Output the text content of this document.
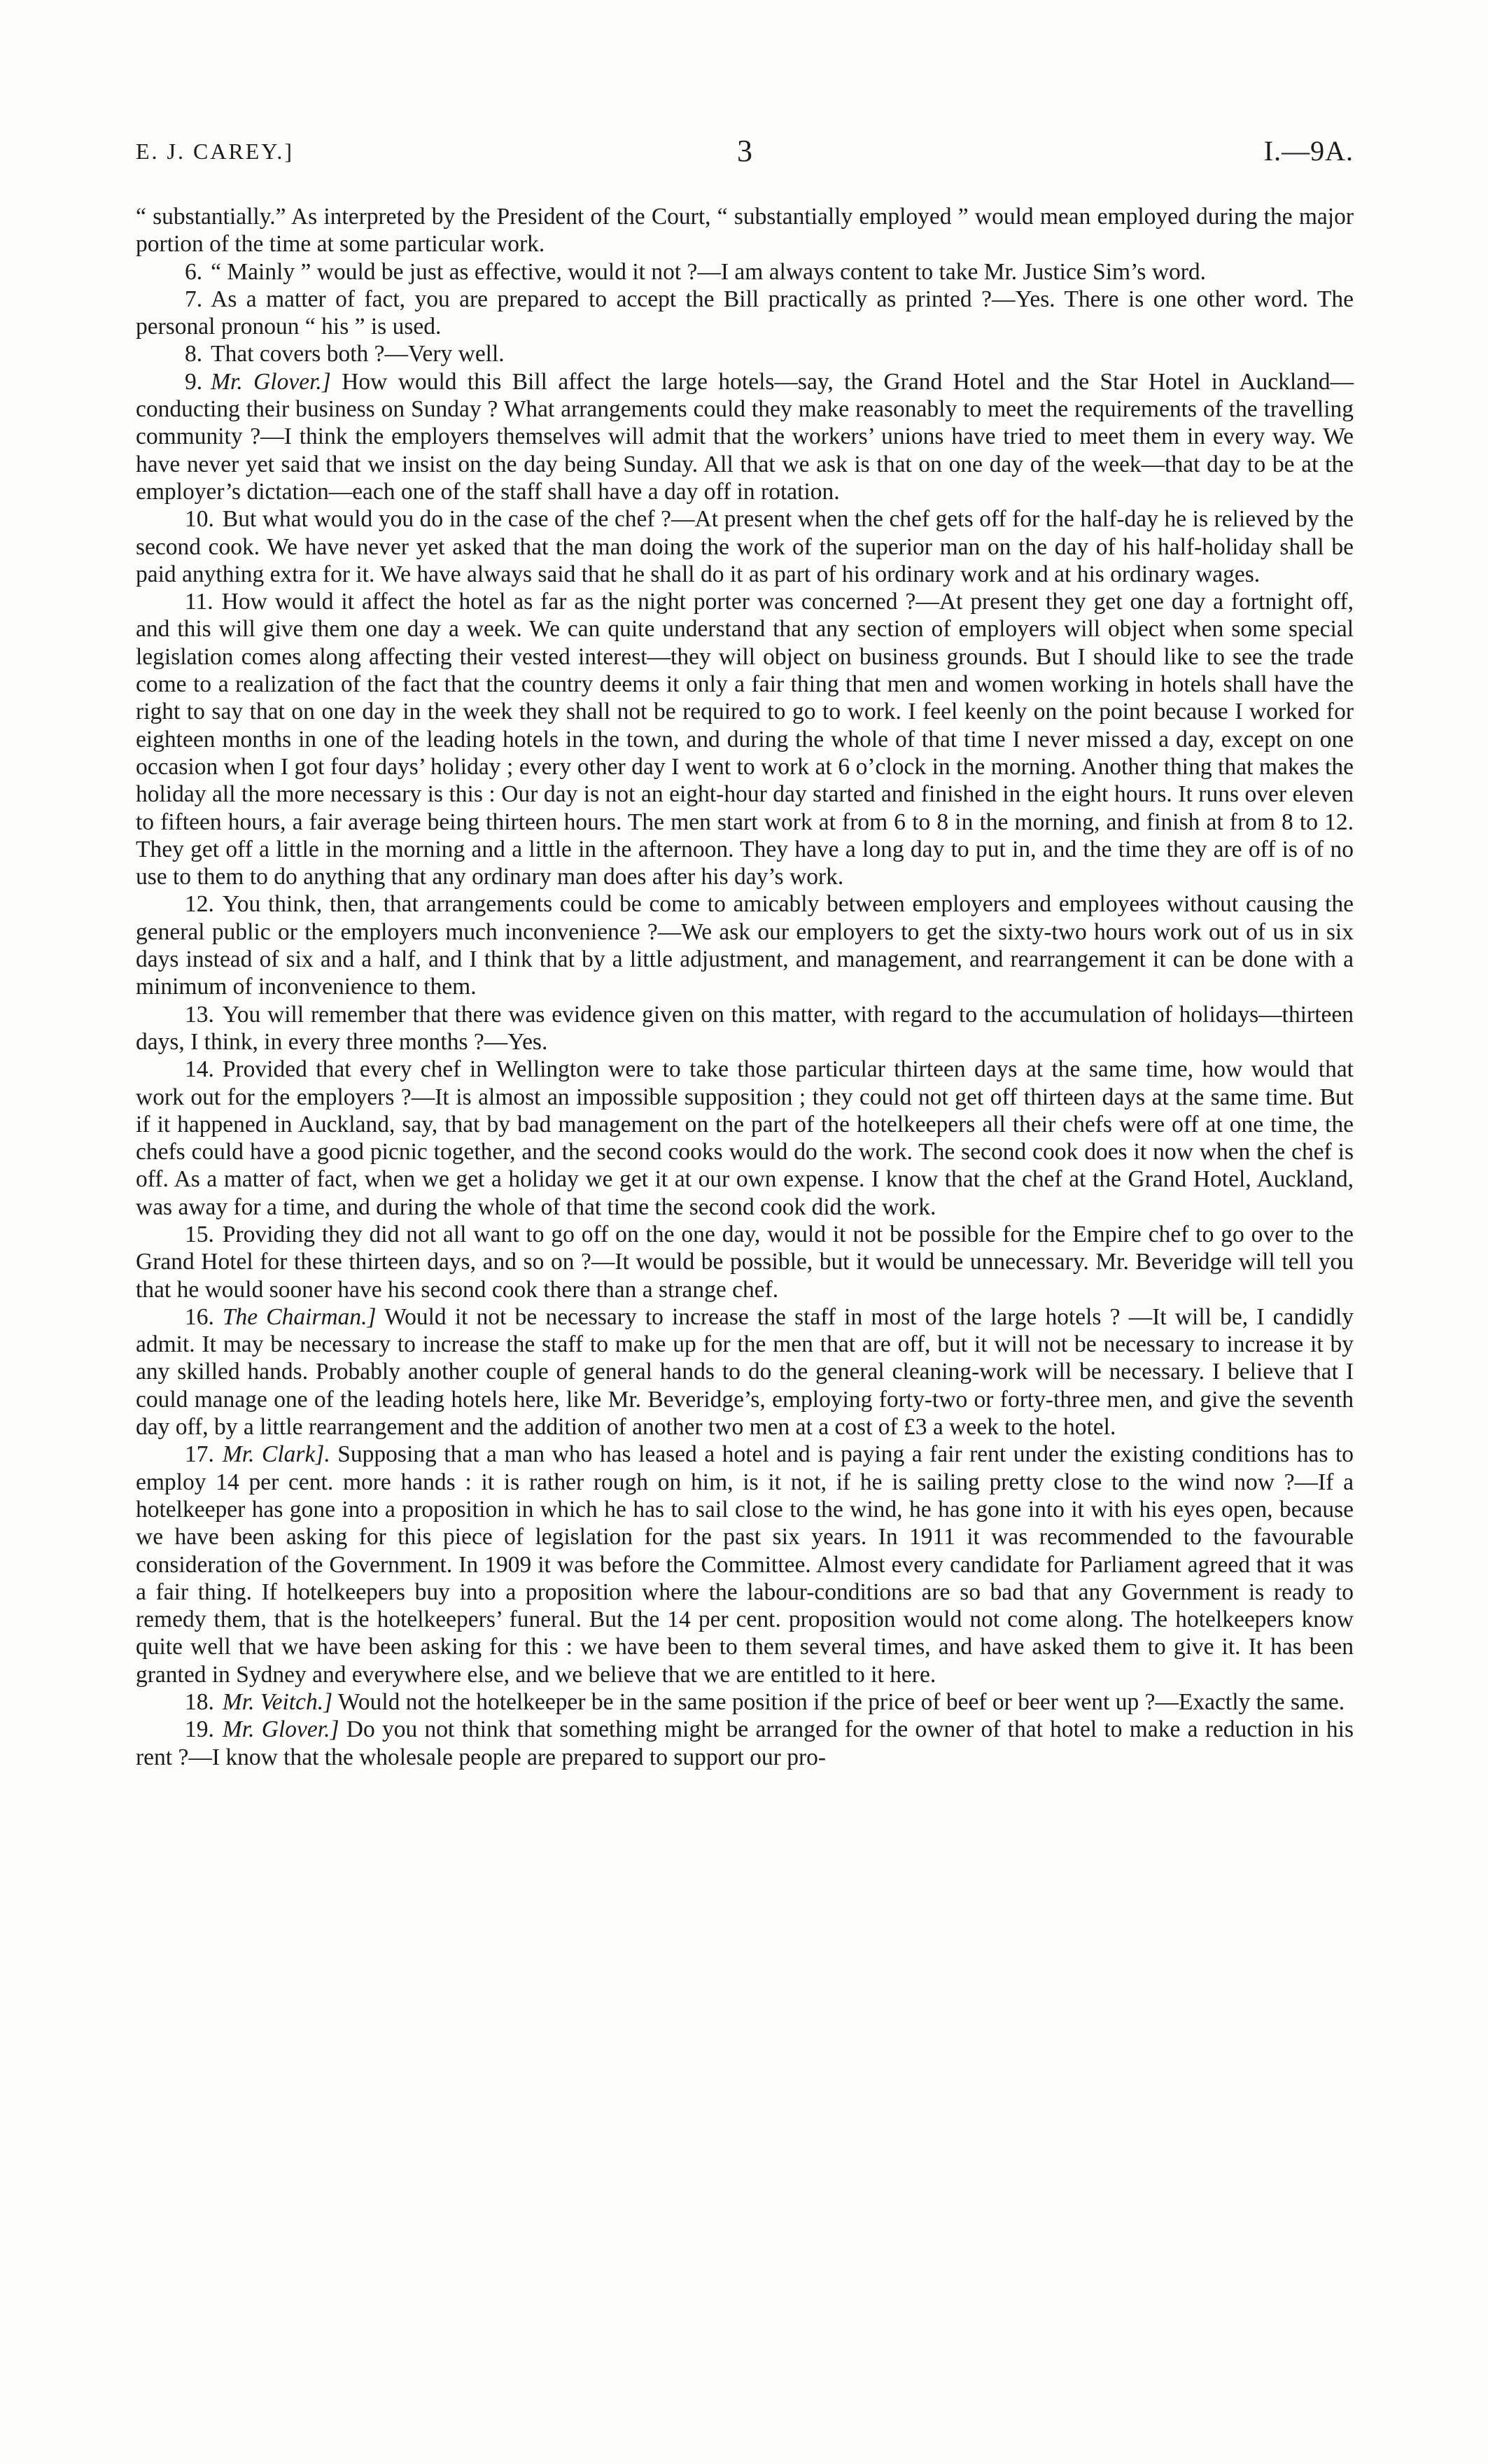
E. J. CAREY.]	3	I.—9A.

“ substantially.” As interpreted by the President of the Court, “ substantially employed ” would mean employed during the major portion of the time at some particular work.

6. “ Mainly ” would be just as effective, would it not ?—I am always content to take Mr. Justice Sim’s word.

7. As a matter of fact, you are prepared to accept the Bill practically as printed ?—Yes. There is one other word. The personal pronoun “ his ” is used.

8. That covers both ?—Very well.

9. Mr. Glover.] How would this Bill affect the large hotels—say, the Grand Hotel and the Star Hotel in Auckland—conducting their business on Sunday ? What arrangements could they make reasonably to meet the requirements of the travelling community ?—I think the employers themselves will admit that the workers’ unions have tried to meet them in every way. We have never yet said that we insist on the day being Sunday. All that we ask is that on one day of the week—that day to be at the employer’s dictation—each one of the staff shall have a day off in rotation.

10. But what would you do in the case of the chef ?—At present when the chef gets off for the half-day he is relieved by the second cook. We have never yet asked that the man doing the work of the superior man on the day of his half-holiday shall be paid anything extra for it. We have always said that he shall do it as part of his ordinary work and at his ordinary wages.

11. How would it affect the hotel as far as the night porter was concerned ?—At present they get one day a fortnight off, and this will give them one day a week. We can quite understand that any section of employers will object when some special legislation comes along affecting their vested interest—they will object on business grounds. But I should like to see the trade come to a realization of the fact that the country deems it only a fair thing that men and women working in hotels shall have the right to say that on one day in the week they shall not be required to go to work. I feel keenly on the point because I worked for eighteen months in one of the leading hotels in the town, and during the whole of that time I never missed a day, except on one occasion when I got four days’ holiday ; every other day I went to work at 6 o’clock in the morning. Another thing that makes the holiday all the more necessary is this : Our day is not an eight-hour day started and finished in the eight hours. It runs over eleven to fifteen hours, a fair average being thirteen hours. The men start work at from 6 to 8 in the morning, and finish at from 8 to 12. They get off a little in the morning and a little in the afternoon. They have a long day to put in, and the time they are off is of no use to them to do anything that any ordinary man does after his day’s work.

12. You think, then, that arrangements could be come to amicably between employers and employees without causing the general public or the employers much inconvenience ?—We ask our employers to get the sixty-two hours work out of us in six days instead of six and a half, and I think that by a little adjustment, and management, and rearrangement it can be done with a minimum of inconvenience to them.

13. You will remember that there was evidence given on this matter, with regard to the accumulation of holidays—thirteen days, I think, in every three months ?—Yes.

14. Provided that every chef in Wellington were to take those particular thirteen days at the same time, how would that work out for the employers ?—It is almost an impossible supposition ; they could not get off thirteen days at the same time. But if it happened in Auckland, say, that by bad management on the part of the hotelkeepers all their chefs were off at one time, the chefs could have a good picnic together, and the second cooks would do the work. The second cook does it now when the chef is off. As a matter of fact, when we get a holiday we get it at our own expense. I know that the chef at the Grand Hotel, Auckland, was away for a time, and during the whole of that time the second cook did the work.

15. Providing they did not all want to go off on the one day, would it not be possible for the Empire chef to go over to the Grand Hotel for these thirteen days, and so on ?—It would be possible, but it would be unnecessary. Mr. Beveridge will tell you that he would sooner have his second cook there than a strange chef.

16. The Chairman.] Would it not be necessary to increase the staff in most of the large hotels ? —It will be, I candidly admit. It may be necessary to increase the staff to make up for the men that are off, but it will not be necessary to increase it by any skilled hands. Probably another couple of general hands to do the general cleaning-work will be necessary. I believe that I could manage one of the leading hotels here, like Mr. Beveridge’s, employing forty-two or forty-three men, and give the seventh day off, by a little rearrangement and the addition of another two men at a cost of £3 a week to the hotel.

17. Mr. Clark]. Supposing that a man who has leased a hotel and is paying a fair rent under the existing conditions has to employ 14 per cent. more hands : it is rather rough on him, is it not, if he is sailing pretty close to the wind now ?—If a hotelkeeper has gone into a proposition in which he has to sail close to the wind, he has gone into it with his eyes open, because we have been asking for this piece of legislation for the past six years. In 1911 it was recommended to the favourable consideration of the Government. In 1909 it was before the Committee. Almost every candidate for Parliament agreed that it was a fair thing. If hotelkeepers buy into a proposition where the labour-conditions are so bad that any Government is ready to remedy them, that is the hotelkeepers’ funeral. But the 14 per cent. proposition would not come along. The hotelkeepers know quite well that we have been asking for this : we have been to them several times, and have asked them to give it. It has been granted in Sydney and everywhere else, and we believe that we are entitled to it here.

18. Mr. Veitch.] Would not the hotelkeeper be in the same position if the price of beef or beer went up ?—Exactly the same.

19. Mr. Glover.] Do you not think that something might be arranged for the owner of that hotel to make a reduction in his rent ?—I know that the wholesale people are prepared to support our pro-
